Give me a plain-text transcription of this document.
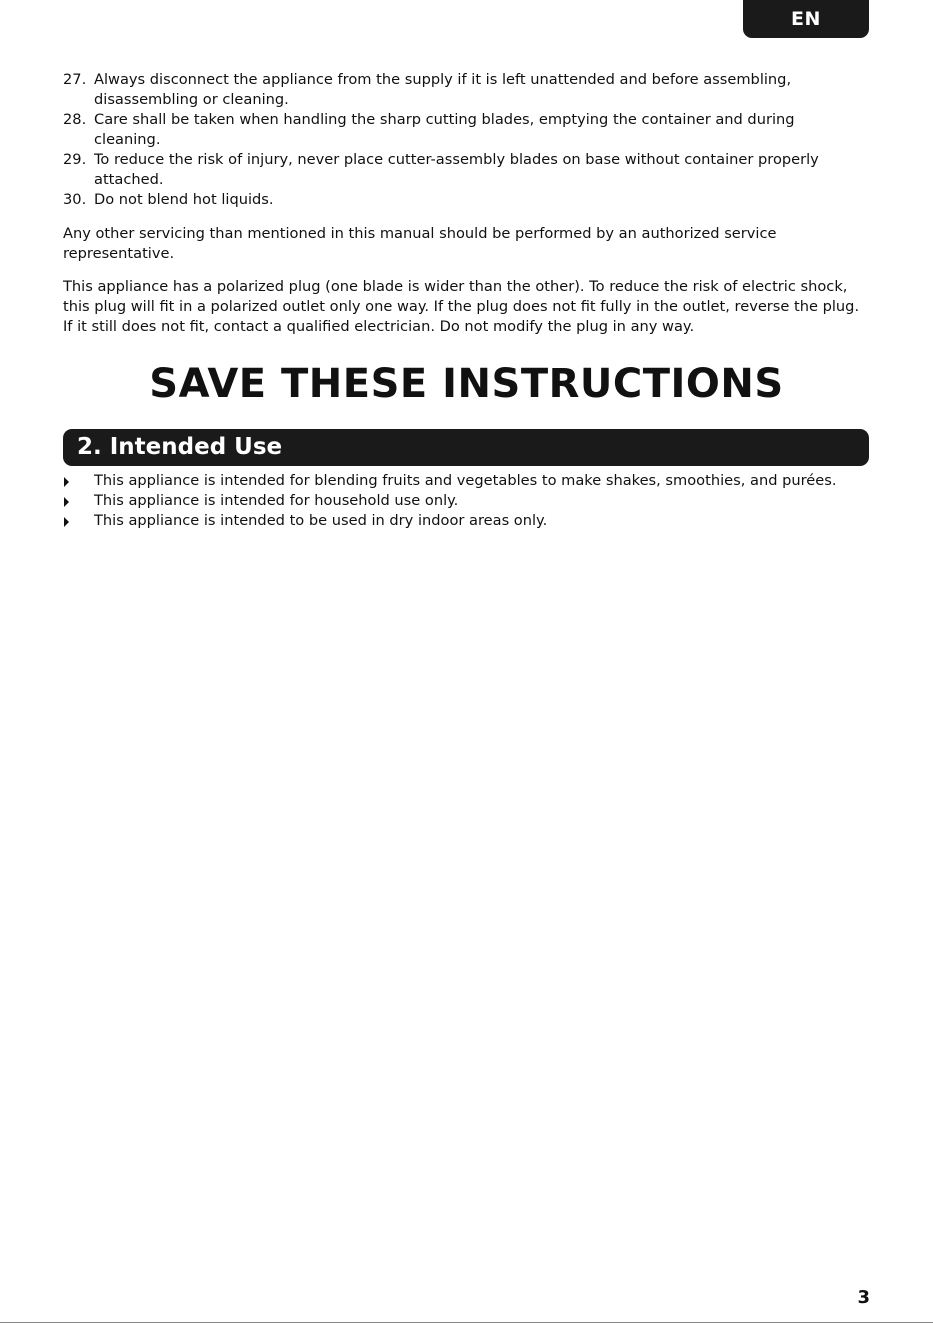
EN
27. Always disconnect the appliance from the supply if it is left unattended and before assembling, disassembling or cleaning.
28. Care shall be taken when handling the sharp cutting blades, emptying the container and during cleaning.
29. To reduce the risk of injury, never place cutter-assembly blades on base without container properly attached.
30. Do not blend hot liquids.

Any other servicing than mentioned in this manual should be performed by an authorized service representative.

This appliance has a polarized plug (one blade is wider than the other). To reduce the risk of electric shock, this plug will fit in a polarized outlet only one way. If the plug does not fit fully in the outlet, reverse the plug. If it still does not fit, contact a qualified electrician. Do not modify the plug in any way.

SAVE THESE INSTRUCTIONS
2. Intended Use
This appliance is intended for blending fruits and vegetables to make shakes, smoothies, and purées.
This appliance is intended for household use only.
This appliance is intended to be used in dry indoor areas only.
3
